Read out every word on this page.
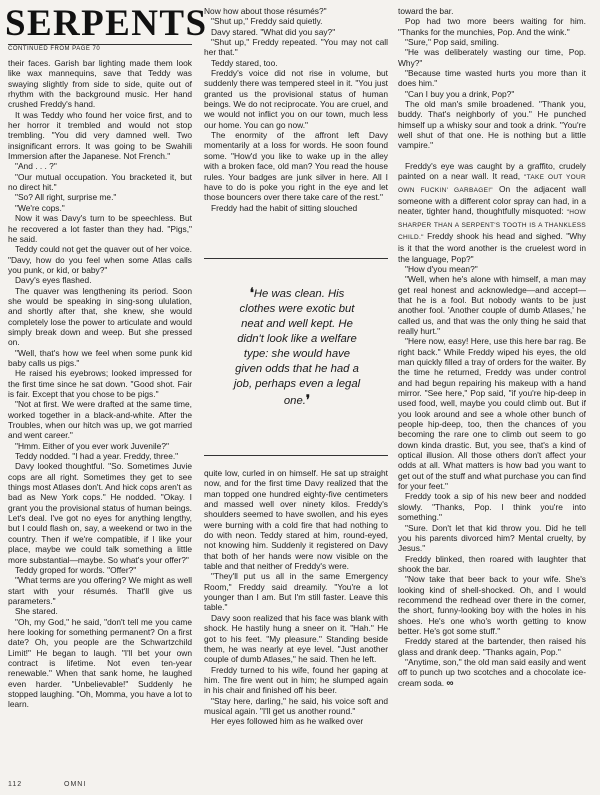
SERPENTS

CONTINUED FROM PAGE 70

their faces. Garish bar lighting made them look like wax mannequins, save that Teddy was swaying slightly from side to side, quite out of rhythm with the background music. Her hand crushed Freddy's hand.

It was Teddy who found her voice first, and to her horror it trembled and would not stop trembling. "You did very damned well. Two insignificant errors. It was going to be Swahili Immersion after the Japanese. Not French."

"And . . . ?"

"Our mutual occupation. You bracketed it, but no direct hit."

"So? All right, surprise me."

"We're cops."

Now it was Davy's turn to be speechless. But he recovered a lot faster than they had. "Pigs," he said.

Teddy could not get the quaver out of her voice. "Davy, how do you feel when some Atlas calls you punk, or kid, or baby?"

Davy's eyes flashed.

The quaver was lengthening its period. Soon she would be speaking in sing-song ululation, and shortly after that, she knew, she would completely lose the power to articulate and would simply break down and weep. But she pressed on.

"Well, that's how we feel when some punk kid baby calls us pigs."

He raised his eyebrows; looked impressed for the first time since he sat down. "Good shot. Fair is fair. Except that you chose to be pigs."

"Not at first. We were drafted at the same time, worked together in a black-and-white. After the Troubles, when our hitch was up, we got married and went career."

"Hmm. Either of you ever work Juvenile?"

Teddy nodded. "I had a year. Freddy, three."

Davy looked thoughtful. "So. Sometimes Juvie cops are all right. Sometimes they get to see things most Atlases don't. And hick cops aren't as bad as New York cops." He nodded. "Okay. I grant you the provisional status of human beings. Let's deal. I've got no eyes for anything lengthy, but I could flash on, say, a weekend or two in the country. Then if we're compatible, if I like your place, maybe we could talk something a little more substantial—maybe. So what's your offer?"

Teddy groped for words. "Offer?"

"What terms are you offering? We might as well start with your résumés. That'll give us parameters."

She stared.

"Oh, my God," he said, "don't tell me you came here looking for something permanent? On a first date? Oh, you people are the Schwartzchild Limit!" He began to laugh. "I'll bet your own contract is lifetime. Not even ten-year renewable." When that sank home, he laughed even harder. "Unbelievable!" Suddenly he stopped laughing. "Oh, Momma, you have a lot to learn.

Now how about those résumés?"

"Shut up," Freddy said quietly.

Davy stared. "What did you say?"

"Shut up," Freddy repeated. "You may not call her that."

Teddy stared, too.

Freddy's voice did not rise in volume, but suddenly there was tempered steel in it. "You just granted us the provisional status of human beings. We do not reciprocate. You are cruel, and we would not inflict you on our town, much less our home. You can go now."

The enormity of the affront left Davy momentarily at a loss for words. He soon found some. "How'd you like to wake up in the alley with a broken face, old man? You read the house rules. Your badges are junk silver in here. All I have to do is poke you right in the eye and let those bouncers over there take care of the rest."

Freddy had the habit of sitting slouched

❛He was clean. His clothes were exotic but neat and well kept. He didn't look like a welfare type: she would have given odds that he had a job, perhaps even a legal one.❜

quite low, curled in on himself. He sat up straight now, and for the first time Davy realized that the man topped one hundred eighty-five centimeters and massed well over ninety kilos. Freddy's shoulders seemed to have swollen, and his eyes were burning with a cold fire that had nothing to do with neon. Teddy stared at him, round-eyed, not knowing him. Suddenly it registered on Davy that both of her hands were now visible on the table and that neither of Freddy's were.

"They'll put us all in the same Emergency Room," Freddy said dreamily. "You're a lot younger than I am. But I'm still faster. Leave this table."

Davy soon realized that his face was blank with shock. He hastily hung a sneer on it. "Hah." He got to his feet. "My pleasure." Standing beside them, he was nearly at eye level. "Just another couple of dumb Atlases," he said. Then he left.

Freddy turned to his wife, found her gaping at him. The fire went out in him; he slumped again in his chair and finished off his beer.

"Stay here, darling," he said, his voice soft and musical again. "I'll get us another round."

Her eyes followed him as he walked over

toward the bar.

Pop had two more beers waiting for him. "Thanks for the munchies, Pop. And the wink."

"Sure," Pop said, smiling.

"He was deliberately wasting our time, Pop. Why?"

"Because time wasted hurts you more than it does him."

"Can I buy you a drink, Pop?"

The old man's smile broadened. "Thank you, buddy. That's neighborly of you." He punched himself up a whisky sour and took a drink. "You're well shut of that one. He is nothing but a little vampire."

Freddy's eye was caught by a graffito, crudely painted on a near wall. It read, "TAKE OUT YOUR OWN FUCKIN' GARBAGE!" On the adjacent wall someone with a different color spray can had, in a neater, tighter hand, thoughtfully misquoted: "HOW SHARPER THAN A SERPENT'S TOOTH IS A THANKLESS CHILD." Freddy shook his head and sighed. "Why is it that the word another is the cruelest word in the language, Pop?"

"How d'you mean?"

"Well, when he's alone with himself, a man may get real honest and acknowledge—and accept—that he is a fool. But nobody wants to be just another fool. 'Another couple of dumb Atlases,' he called us, and that was the only thing he said that really hurt."

"Here now, easy! Here, use this here bar rag. Be right back." While Freddy wiped his eyes, the old man quickly filled a tray of orders for the waiter. By the time he returned, Freddy was under control and had begun repairing his makeup with a hand mirror. "See here," Pop said, "if you're hip-deep in used food, well, maybe you could climb out. But if you look around and see a whole other bunch of people hip-deep, too, then the chances of you becoming the rare one to climb out seem to go down kinda drastic. But, you see, that's a kind of optical illusion. All those others don't affect your odds at all. What matters is how bad you want to get out of the stuff and what purchase you can find for your feet."

Freddy took a sip of his new beer and nodded slowly. "Thanks, Pop. I think you're into something."

"Sure. Don't let that kid throw you. Did he tell you his parents divorced him? Mental cruelty, by Jesus."

Freddy blinked, then roared with laughter that shook the bar.

"Now take that beer back to your wife. She's looking kind of shell-shocked. Oh, and I would recommend the redhead over there in the corner, the short, funny-looking boy with the holes in his shoes. He's one who's worth getting to know better. He's got some stuff."

Freddy stared at the bartender, then raised his glass and drank deep. "Thanks again, Pop."

"Anytime, son," the old man said easily and went off to punch up two scotches and a chocolate ice-cream soda. ∞

112	OMNI
